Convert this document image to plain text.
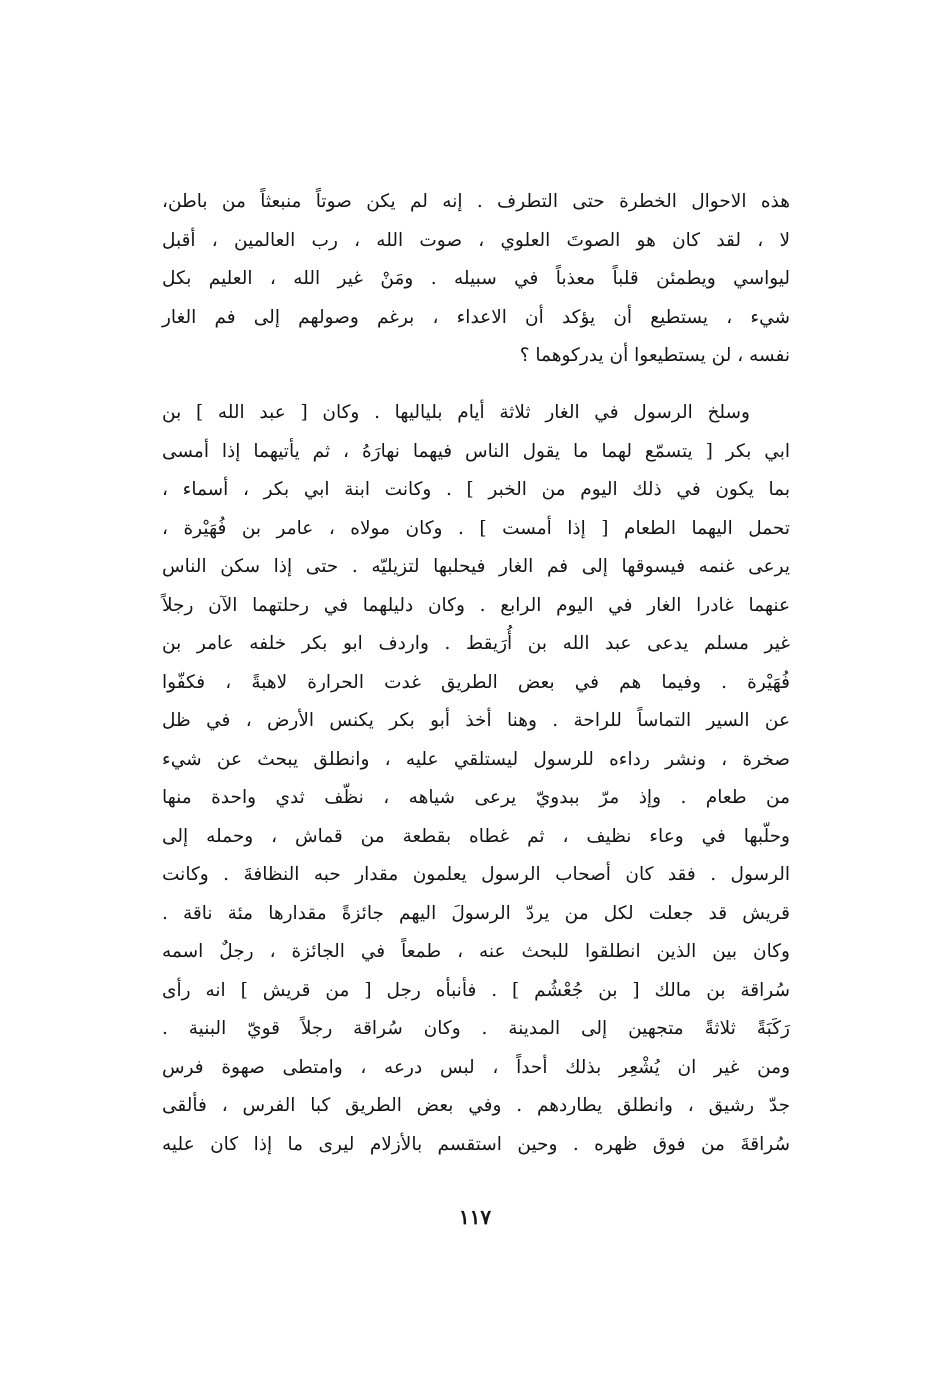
هذه الاحوال الخطرة حتى التطرف . إنه لم يكن صوتاً منبعثاً من باطن،
لا ، لقد كان هو الصوتَ العلوي ، صوت الله ، رب العالمين ، أقبل
ليواسي ويطمئن قلباً معذباً في سبيله . ومَنْ غير الله ، العليم بكل
شيء ، يستطيع أن يؤكد أن الاعداء ، برغم وصولهم إلى فم الغار
نفسه ، لن يستطيعوا أن يدركوهما ؟
وسلخ الرسول في الغار ثلاثة أيام بلياليها . وكان [ عبد الله ] بن
ابي بكر [ يتسمّع لهما ما يقول الناس فيهما نهارَهُ ، ثم يأتيهما إذا أمسى
بما يكون في ذلك اليوم من الخبر ] . وكانت ابنة ابي بكر ، أسماء ،
تحمل اليهما الطعام [ إذا أمست ] . وكان مولاه ، عامر بن فُهَيْرة ،
يرعى غنمه فيسوقها إلى فم الغار فيحلبها لتزيليّه . حتى إذا سكن الناس
عنهما غادرا الغار في اليوم الرابع . وكان دليلهما في رحلتهما الآن رجلاً
غير مسلم يدعى عبد الله بن أُرَيقط . واردف ابو بكر خلفه عامر بن
فُهَيْرة . وفيما هم في بعض الطريق غدت الحرارة لاهبةً ، فكفّوا
عن السير التماساً للراحة . وهنا أخذ أبو بكر يكنس الأرض ، في ظل
صخرة ، ونشر رداءه للرسول ليستلقي عليه ، وانطلق يبحث عن شيء
من طعام . وإذ مرّ ببدويّ يرعى شياهه ، نظّف ثدي واحدة منها
وحلّبها في وعاء نظيف ، ثم غطاه بقطعة من قماش ، وحمله إلى
الرسول . فقد كان أصحاب الرسول يعلمون مقدار حبه النظافةَ . وكانت
قريش قد جعلت لكل من يردّ الرسولَ اليهم جائزةً مقدارها مئة ناقة .
وكان بين الذين انطلقوا للبحث عنه ، طمعاً في الجائزة ، رجلٌ اسمه
سُراقة بن مالك [ بن جُعْشُم ] . فأنبأه رجل [ من قريش ] انه رأى
رَكَبَةً ثلاثةً متجهين إلى المدينة . وكان سُراقة رجلاً قويّ البنية .
ومن غير ان يُشْعِر بذلك أحداً ، لبس درعه ، وامتطى صهوة فرس
جدّ رشيق ، وانطلق يطاردهم . وفي بعض الطريق كبا الفرس ، فألقى
سُراقةَ من فوق ظهره . وحين استقسم بالأزلام ليرى ما إذا كان عليه
١١٧
